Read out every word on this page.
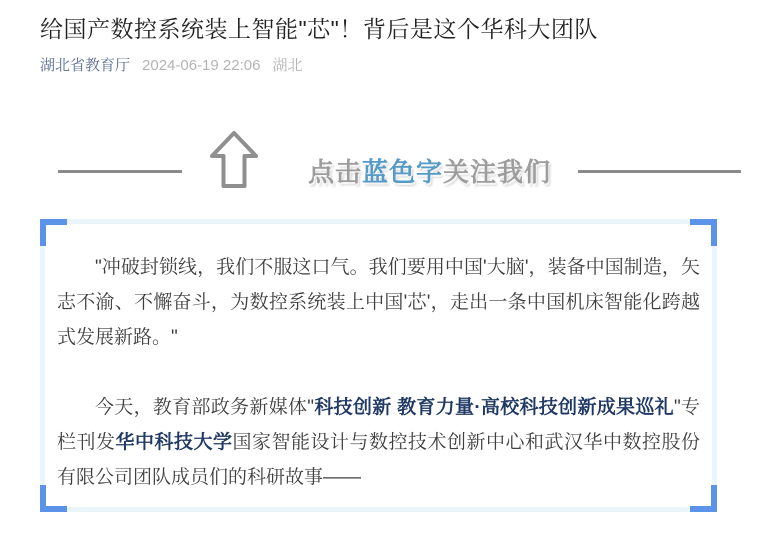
给国产数控系统装上智能"芯"！背后是这个华科大团队
湖北省教育厅 2024-06-19 22:06 湖北
点击蓝色字关注我们

"冲破封锁线，我们不服这口气。我们要用中国'大脑'，装备中国制造，矢志不渝、不懈奋斗，为数控系统装上中国'芯'，走出一条中国机床智能化跨越式发展新路。"

今天，教育部政务新媒体"科技创新 教育力量·高校科技创新成果巡礼"专栏刊发华中科技大学国家智能设计与数控技术创新中心和武汉华中数控股份有限公司团队成员们的科研故事——
